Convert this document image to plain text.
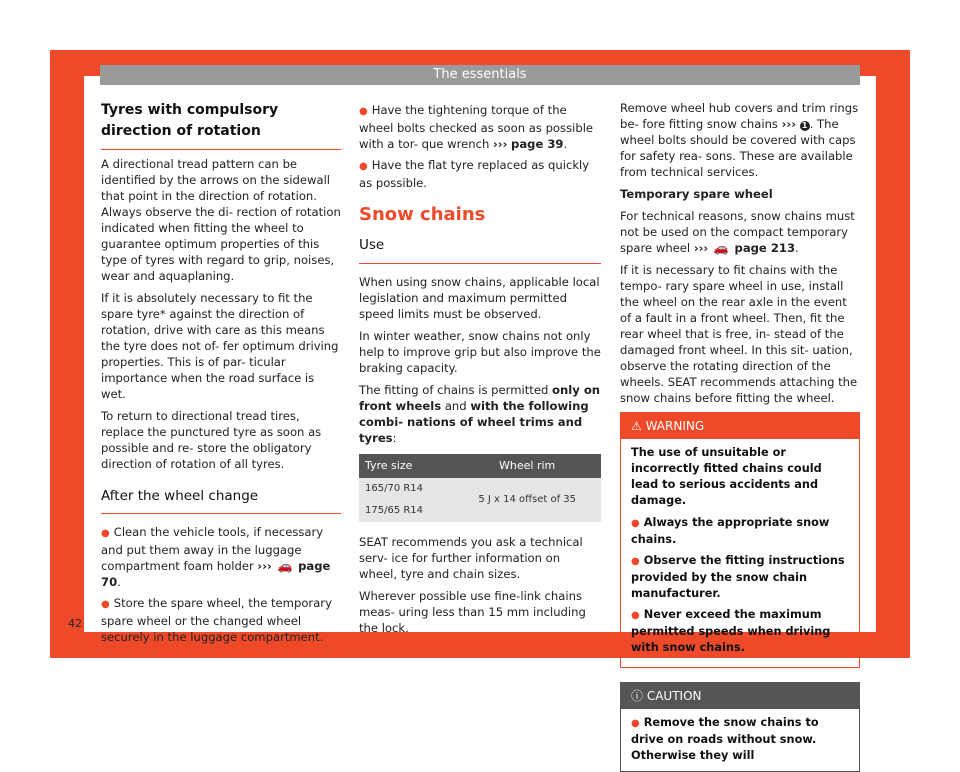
The essentials
Tyres with compulsory direction of rotation

A directional tread pattern can be identified by the arrows on the sidewall that point in the direction of rotation. Always observe the di- rection of rotation indicated when fitting the wheel to guarantee optimum properties of this type of tyres with regard to grip, noises, wear and aquaplaning.

If it is absolutely necessary to fit the spare tyre* against the direction of rotation, drive with care as this means the tyre does not of- fer optimum driving properties. This is of par- ticular importance when the road surface is wet.

To return to directional tread tires, replace the punctured tyre as soon as possible and re- store the obligatory direction of rotation of all tyres.

After the wheel change

● Clean the vehicle tools, if necessary and put them away in the luggage compartment foam holder ››› 🚗 page 70.

● Store the spare wheel, the temporary spare wheel or the changed wheel securely in the luggage compartment.

● Have the tightening torque of the wheel bolts checked as soon as possible with a tor- que wrench ››› page 39.

● Have the flat tyre replaced as quickly as possible.

Snow chains
Use

When using snow chains, applicable local legislation and maximum permitted speed limits must be observed.

In winter weather, snow chains not only help to improve grip but also improve the braking capacity.

The fitting of chains is permitted only on front wheels and with the following combi- nations of wheel trims and tyres:

Tyre size	Wheel rim
165/70 R14	5 J x 14 offset of 35
175/65 R14	

SEAT recommends you ask a technical serv- ice for further information on wheel, tyre and chain sizes.

Wherever possible use fine-link chains meas- uring less than 15 mm including the lock.

Remove wheel hub covers and trim rings be- fore fitting snow chains ››› 1 . The wheel bolts should be covered with caps for safety rea- sons. These are available from technical services.

Temporary spare wheel

For technical reasons, snow chains must not be used on the compact temporary spare wheel ››› 🚗 page 213.

If it is necessary to fit chains with the tempo- rary spare wheel in use, install the wheel on the rear axle in the event of a fault in a front wheel. Then, fit the rear wheel that is free, in- stead of the damaged front wheel. In this sit- uation, observe the rotating direction of the wheels. SEAT recommends attaching the snow chains before fitting the wheel.

⚠ WARNING

The use of unsuitable or incorrectly fitted chains could lead to serious accidents and damage.

● Always the appropriate snow chains.

● Observe the fitting instructions provided by the snow chain manufacturer.

● Never exceed the maximum permitted speeds when driving with snow chains.

ⓘ CAUTION

● Remove the snow chains to drive on roads without snow. Otherwise they will

42
